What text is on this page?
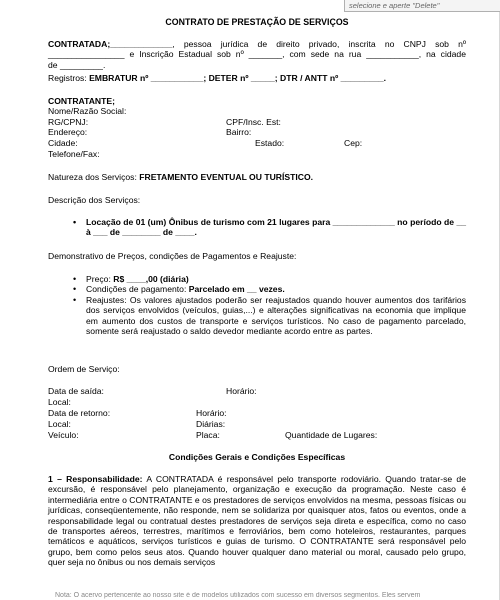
selecione e aperte "Delete"
CONTRATO DE PRESTAÇÃO DE SERVIÇOS
CONTRATADA;_____________, pessoa jurídica de direito privado, inscrita no CNPJ sob nº
________________ e Inscrição Estadual sob nº _______, com sede na rua ___________, na cidade
de _________.
Registros: EMBRATUR nº ___________; DETER nº _____; DTR / ANTT nº _________.
CONTRATANTE;
Nome/Razão Social:
RG/CPNJ:	CPF/Insc. Est:
Endereço:	Bairro:
Cidade:	Estado:	Cep:
Telefone/Fax:
Natureza dos Serviços: FRETAMENTO EVENTUAL OU TURÍSTICO.
Descrição dos Serviços:
• Locação de 01 (um) Ônibus de turismo com 21 lugares para _____________ no período de __ à ___ de ________ de ____.
Demonstrativo de Preços, condições de Pagamentos e Reajuste:
• Preço: R$ ____,00 (diária)
• Condições de pagamento: Parcelado em __ vezes.
• Reajustes: Os valores ajustados poderão ser reajustados quando houver aumentos dos tarifários dos serviços envolvidos (veículos, guias,...) e alterações significativas na economia que implique em aumento dos custos de transporte e serviços turísticos. No caso de pagamento parcelado, somente será reajustado o saldo devedor mediante acordo entre as partes.
Ordem de Serviço:
Data de saída:	Horário:
Local:
Data de retorno:	Horário:
Local:	Diárias:
Veículo:	Placa:	Quantidade de Lugares:
Condições Gerais e Condições Específicas
1 – Responsabilidade: A CONTRATADA é responsável pelo transporte rodoviário. Quando tratar-se de excursão, é responsável pelo planejamento, organização e execução da programação. Neste caso é intermediária entre o CONTRATANTE e os prestadores de serviços envolvidos na mesma, pessoas físicas ou jurídicas, conseqüentemente, não responde, nem se solidariza por quaisquer atos, fatos ou eventos, onde a responsabilidade legal ou contratual destes prestadores de serviços seja direta e específica, como no caso de transportes aéreos, terrestres, marítimos e ferroviários, bem como hoteleiros, restaurantes, parques temáticos e aquáticos, serviços turísticos e guias de turismo. O CONTRATANTE será responsável pelo grupo, bem como pelos seus atos. Quando houver qualquer dano material ou moral, causado pelo grupo, quer seja no ônibus ou nos demais serviços
Nota: O acervo pertencente ao nosso site é de modelos utilizados com sucesso em diversos segmentos. Eles servem
